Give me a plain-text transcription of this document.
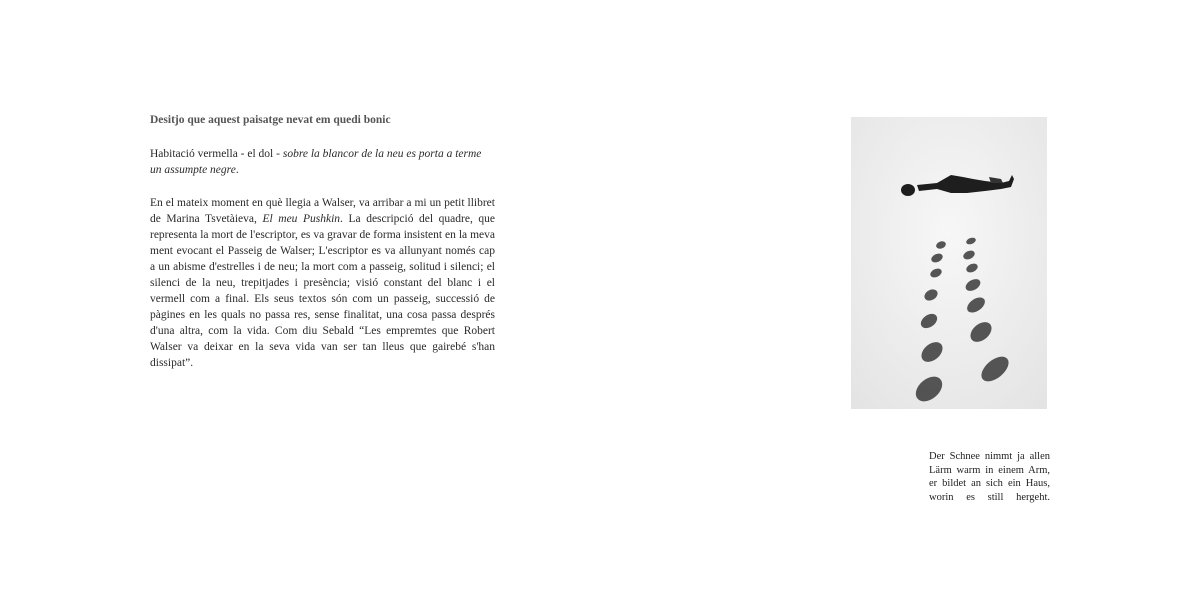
Desitjo que aquest paisatge nevat em quedi bonic

Habitació vermella - el dol - sobre la blancor de la neu es porta a terme un assumpte negre.

En el mateix moment en què llegia a Walser, va arribar a mi un petit llibret de Marina Tsvetàieva, El meu Pushkin. La descripció del quadre, que representa la mort de l'escriptor, es va gravar de forma insistent en la meva ment evocant el Passeig de Walser; L'escriptor es va allunyant només cap a un abisme d'estrelles i de neu; la mort com a passeig, solitud i silenci; el silenci de la neu, trepitjades i presència; visió constant del blanc i el vermell com a final. Els seus textos són com un passeig, successió de pàgines en les quals no passa res, sense finalitat, una cosa passa després d'una altra, com la vida. Com diu Sebald “Les empremtes que Robert Walser va deixar en la seva vida van ser tan lleus que gairebé s'han dissipat”.

Der Schnee nimmt ja allen
Lärm warm in einem Arm,
er bildet an sich ein Haus,
worin es still hergeht.
